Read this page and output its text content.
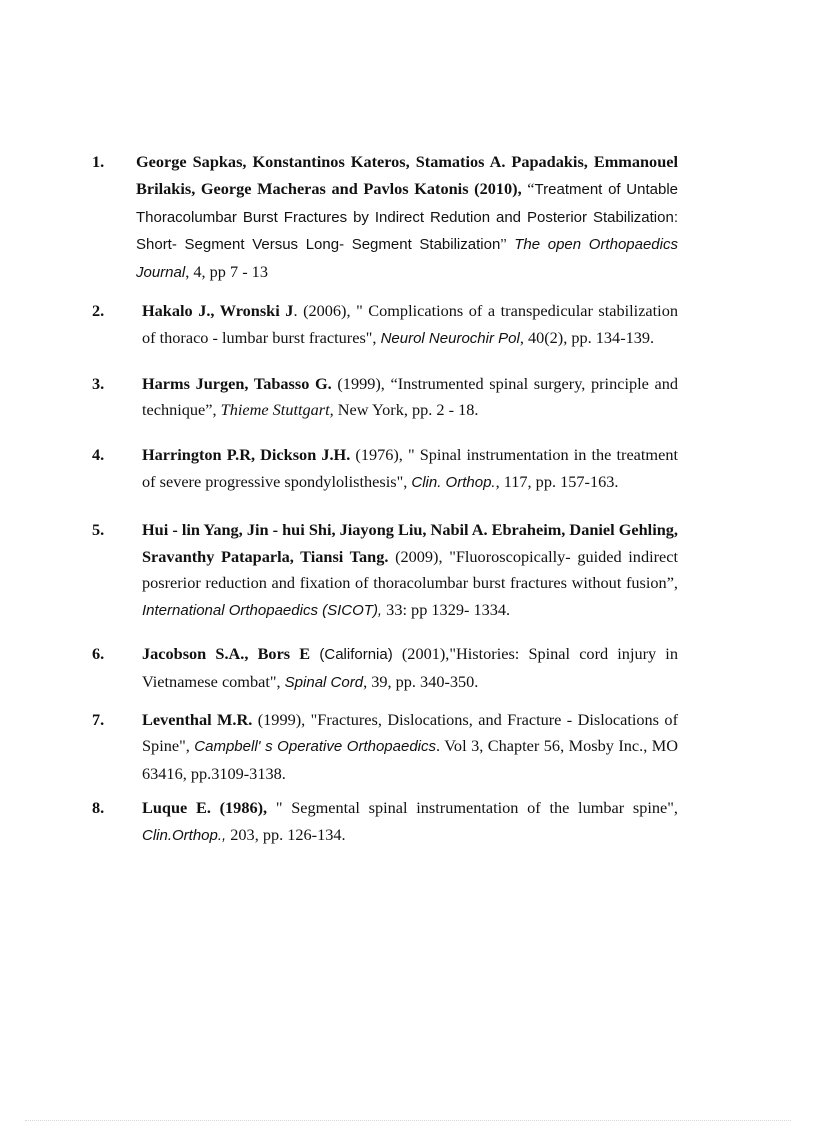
1. George Sapkas, Konstantinos Kateros, Stamatios A. Papadakis, Emmanouel Brilakis, George Macheras and Pavlos Katonis (2010), “Treatment of Untable Thoracolumbar Burst Fractures by Indirect Redution and Posterior Stabilization: Short- Segment Versus Long- Segment Stabilization’’ The open Orthopaedics Journal, 4, pp 7 - 13
2. Hakalo J., Wronski J. (2006), " Complications of a transpedicular stabilization of thoraco - lumbar burst fractures", Neurol Neurochir Pol, 40(2), pp. 134-139.
3. Harms Jurgen, Tabasso G. (1999), “Instrumented spinal surgery, principle and technique”, Thieme Stuttgart, New York, pp. 2 - 18.
4. Harrington P.R, Dickson J.H. (1976), " Spinal instrumentation in the treatment of severe progressive spondylolisthesis", Clin. Orthop., 117, pp. 157-163.
5. Hui - lin Yang, Jin - hui Shi, Jiayong Liu, Nabil A. Ebraheim, Daniel Gehling, Sravanthy Pataparla, Tiansi Tang. (2009), "Fluoroscopically- guided indirect posrerior reduction and fixation of thoracolumbar burst fractures without fusion”, International Orthopaedics (SICOT), 33: pp 1329- 1334.
6. Jacobson S.A., Bors E (California) (2001),"Histories: Spinal cord injury in Vietnamese combat", Spinal Cord, 39, pp. 340-350.
7. Leventhal M.R. (1999), "Fractures, Dislocations, and Fracture - Dislocations of Spine", Campbell' s Operative Orthopaedics. Vol 3, Chapter 56, Mosby Inc., MO 63416, pp.3109-3138.
8. Luque E. (1986), " Segmental spinal instrumentation of the lumbar spine", Clin.Orthop., 203, pp. 126-134.
